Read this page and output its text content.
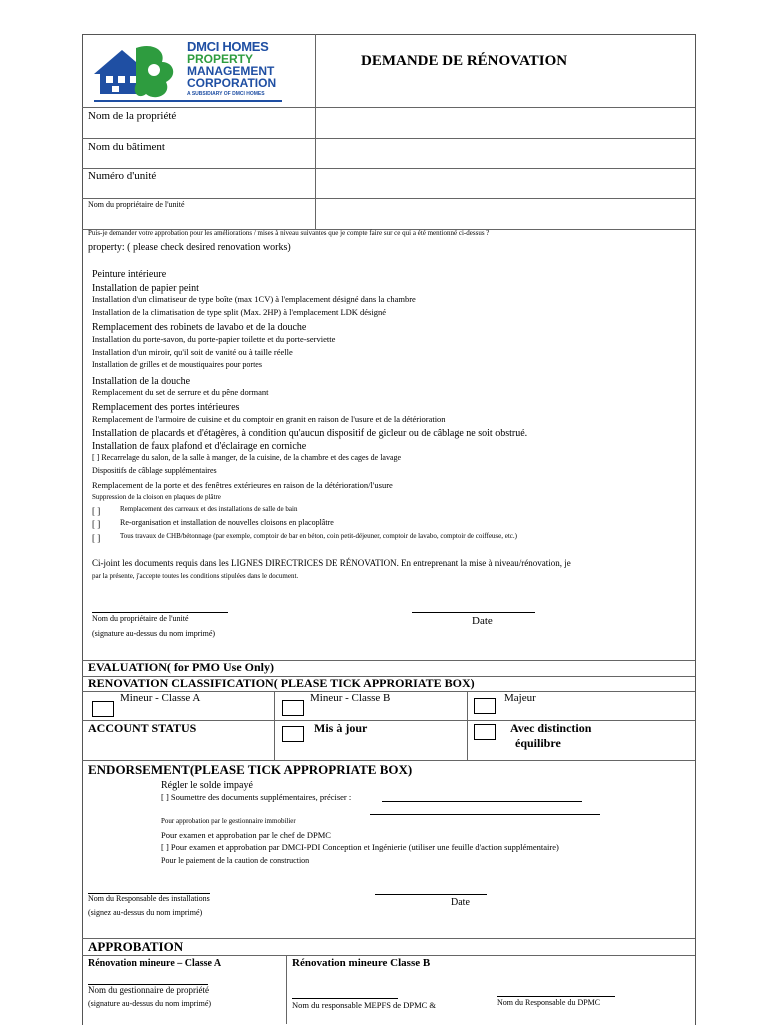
DMCI HOMES
PROPERTY
MANAGEMENT
CORPORATION
A SUBSIDIARY OF DMCI HOMES
DEMANDE DE RÉNOVATION
Nom de la propriété
Nom du bâtiment
Numéro d'unité
Nom du propriétaire de l'unité
Puis-je demander votre approbation pour les améliorations / mises à niveau suivantes que je compte faire sur ce qui a été mentionné ci-dessus ?
property: ( please check desired renovation works)
Peinture intérieure
Installation de papier peint
Installation d'un climatiseur de type boîte (max 1CV) à l'emplacement désigné dans la chambre
Installation de la climatisation de type split (Max. 2HP) à l'emplacement LDK désigné
Remplacement des robinets de lavabo et de la douche
Installation du porte-savon, du porte-papier toilette et du porte-serviette
Installation d'un miroir, qu'il soit de vanité ou à taille réelle
Installation de grilles et de moustiquaires pour portes
Installation de la douche
Remplacement du set de serrure et du pêne dormant
Remplacement des portes intérieures
Remplacement de l'armoire de cuisine et du comptoir en granit en raison de l'usure et de la détérioration
Installation de placards et d'étagères, à condition qu'aucun dispositif de gicleur ou de câblage ne soit obstrué.
Installation de faux plafond et d'éclairage en corniche
[ ] Recarrelage du salon, de la salle à manger, de la cuisine, de la chambre et des cages de lavage
Dispositifs de câblage supplémentaires
Remplacement de la porte et des fenêtres extérieures en raison de la détérioration/l'usure
Suppression de la cloison en plaques de plâtre
[ ]	Remplacement des carreaux et des installations de salle de bain
[ ] Re-organisation et installation de nouvelles cloisons en placoplâtre
[ ]	Tous travaux de CHB/bétonnage (par exemple, comptoir de bar en béton, coin petit-déjeuner, comptoir de lavabo, comptoir de coiffeuse, etc.)
Ci-joint les documents requis dans les LIGNES DIRECTRICES DE RÉNOVATION. En entreprenant la mise à niveau/rénovation, je
par la présente, j'accepte toutes les conditions stipulées dans le document.
Nom du propriétaire de l'unité
(signature au-dessus du nom imprimé)
Date
EVALUATION( for PMO Use Only)
RENOVATION CLASSIFICATION( PLEASE TICK APPRORIATE BOX)
Mineur - Classe A	Mineur - Classe B	Majeur
ACCOUNT STATUS	Mis à jour	Avec distinction
équilibre
ENDORSEMENT(PLEASE TICK APPROPRIATE BOX)
Régler le solde impayé
[ ] Soumettre des documents supplémentaires, préciser :
Pour approbation par le gestionnaire immobilier
Pour examen et approbation par le chef de DPMC
[ ] Pour examen et approbation par DMCI-PDI Conception et Ingénierie (utiliser une feuille d'action supplémentaire)
Pour le paiement de la caution de construction
Nom du Responsable des installations
(signez au-dessus du nom imprimé)
Date
APPROBATION
Rénovation mineure – Classe A	Rénovation mineure Classe B
Nom du gestionnaire de propriété
(signature au-dessus du nom imprimé)	Nom du responsable MEPFS de DPMC &	Nom du Responsable du DPMC
